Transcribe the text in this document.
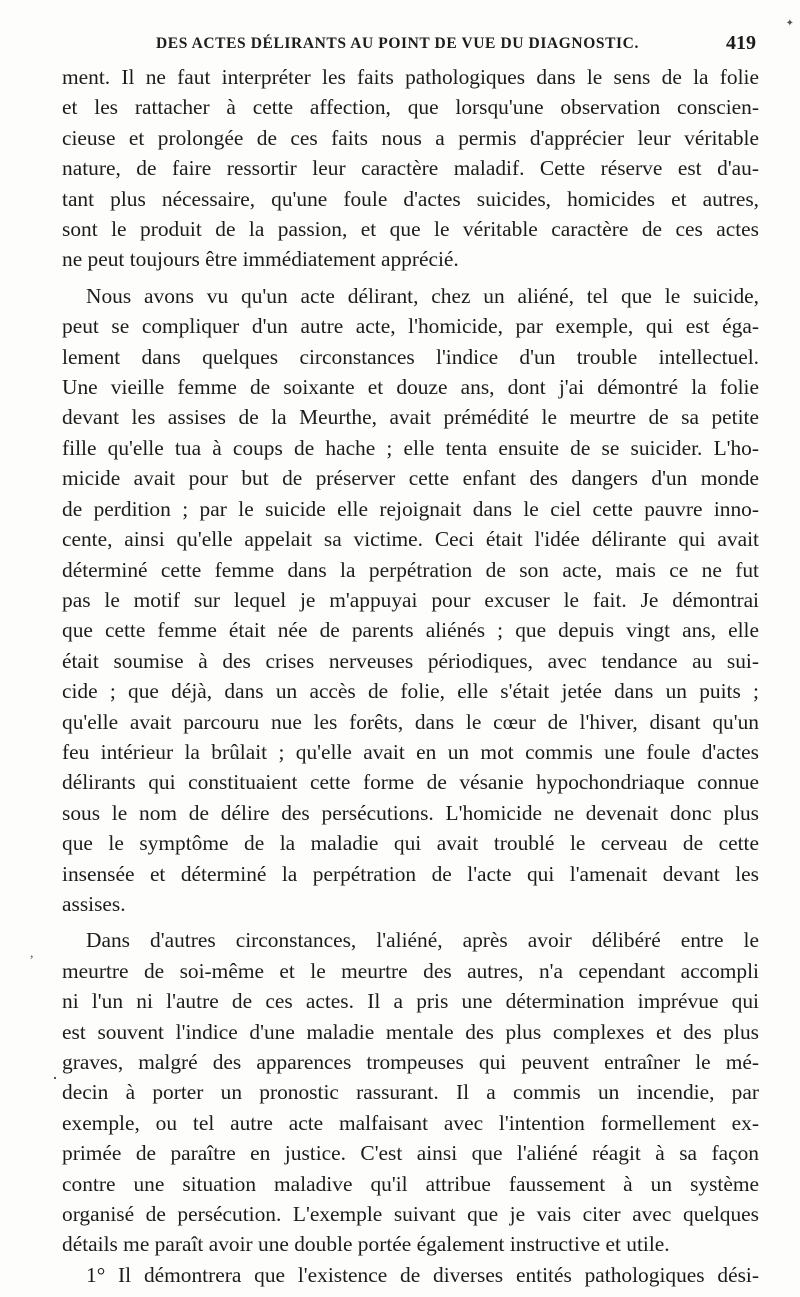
✦
DES ACTES DÉLIRANTS AU POINT DE VUE DU DIAGNOSTIC.	419
,
·
ment. Il ne faut interpréter les faits pathologiques dans le sens de la folie
et les rattacher à cette affection, que lorsqu'une observation conscien-
cieuse et prolongée de ces faits nous a permis d'apprécier leur véritable
nature, de faire ressortir leur caractère maladif. Cette réserve est d'au-
tant plus nécessaire, qu'une foule d'actes suicides, homicides et autres,
sont le produit de la passion, et que le véritable caractère de ces actes
ne peut toujours être immédiatement apprécié.
Nous avons vu qu'un acte délirant, chez un aliéné, tel que le suicide,
peut se compliquer d'un autre acte, l'homicide, par exemple, qui est éga-
lement dans quelques circonstances l'indice d'un trouble intellectuel.
Une vieille femme de soixante et douze ans, dont j'ai démontré la folie
devant les assises de la Meurthe, avait prémédité le meurtre de sa petite
fille qu'elle tua à coups de hache ; elle tenta ensuite de se suicider. L'ho-
micide avait pour but de préserver cette enfant des dangers d'un monde
de perdition ; par le suicide elle rejoignait dans le ciel cette pauvre inno-
cente, ainsi qu'elle appelait sa victime. Ceci était l'idée délirante qui avait
déterminé cette femme dans la perpétration de son acte, mais ce ne fut
pas le motif sur lequel je m'appuyai pour excuser le fait. Je démontrai
que cette femme était née de parents aliénés ; que depuis vingt ans, elle
était soumise à des crises nerveuses périodiques, avec tendance au sui-
cide ; que déjà, dans un accès de folie, elle s'était jetée dans un puits ;
qu'elle avait parcouru nue les forêts, dans le cœur de l'hiver, disant qu'un
feu intérieur la brûlait ; qu'elle avait en un mot commis une foule d'actes
délirants qui constituaient cette forme de vésanie hypochondriaque connue
sous le nom de délire des persécutions. L'homicide ne devenait donc plus
que le symptôme de la maladie qui avait troublé le cerveau de cette
insensée et déterminé la perpétration de l'acte qui l'amenait devant les
assises.
Dans d'autres circonstances, l'aliéné, après avoir délibéré entre le
meurtre de soi-même et le meurtre des autres, n'a cependant accompli
ni l'un ni l'autre de ces actes. Il a pris une détermination imprévue qui
est souvent l'indice d'une maladie mentale des plus complexes et des plus
graves, malgré des apparences trompeuses qui peuvent entraîner le mé-
decin à porter un pronostic rassurant. Il a commis un incendie, par
exemple, ou tel autre acte malfaisant avec l'intention formellement ex-
primée de paraître en justice. C'est ainsi que l'aliéné réagit à sa façon
contre une situation maladive qu'il attribue faussement à un système
organisé de persécution. L'exemple suivant que je vais citer avec quelques
détails me paraît avoir une double portée également instructive et utile.
1° Il démontrera que l'existence de diverses entités pathologiques dési-
